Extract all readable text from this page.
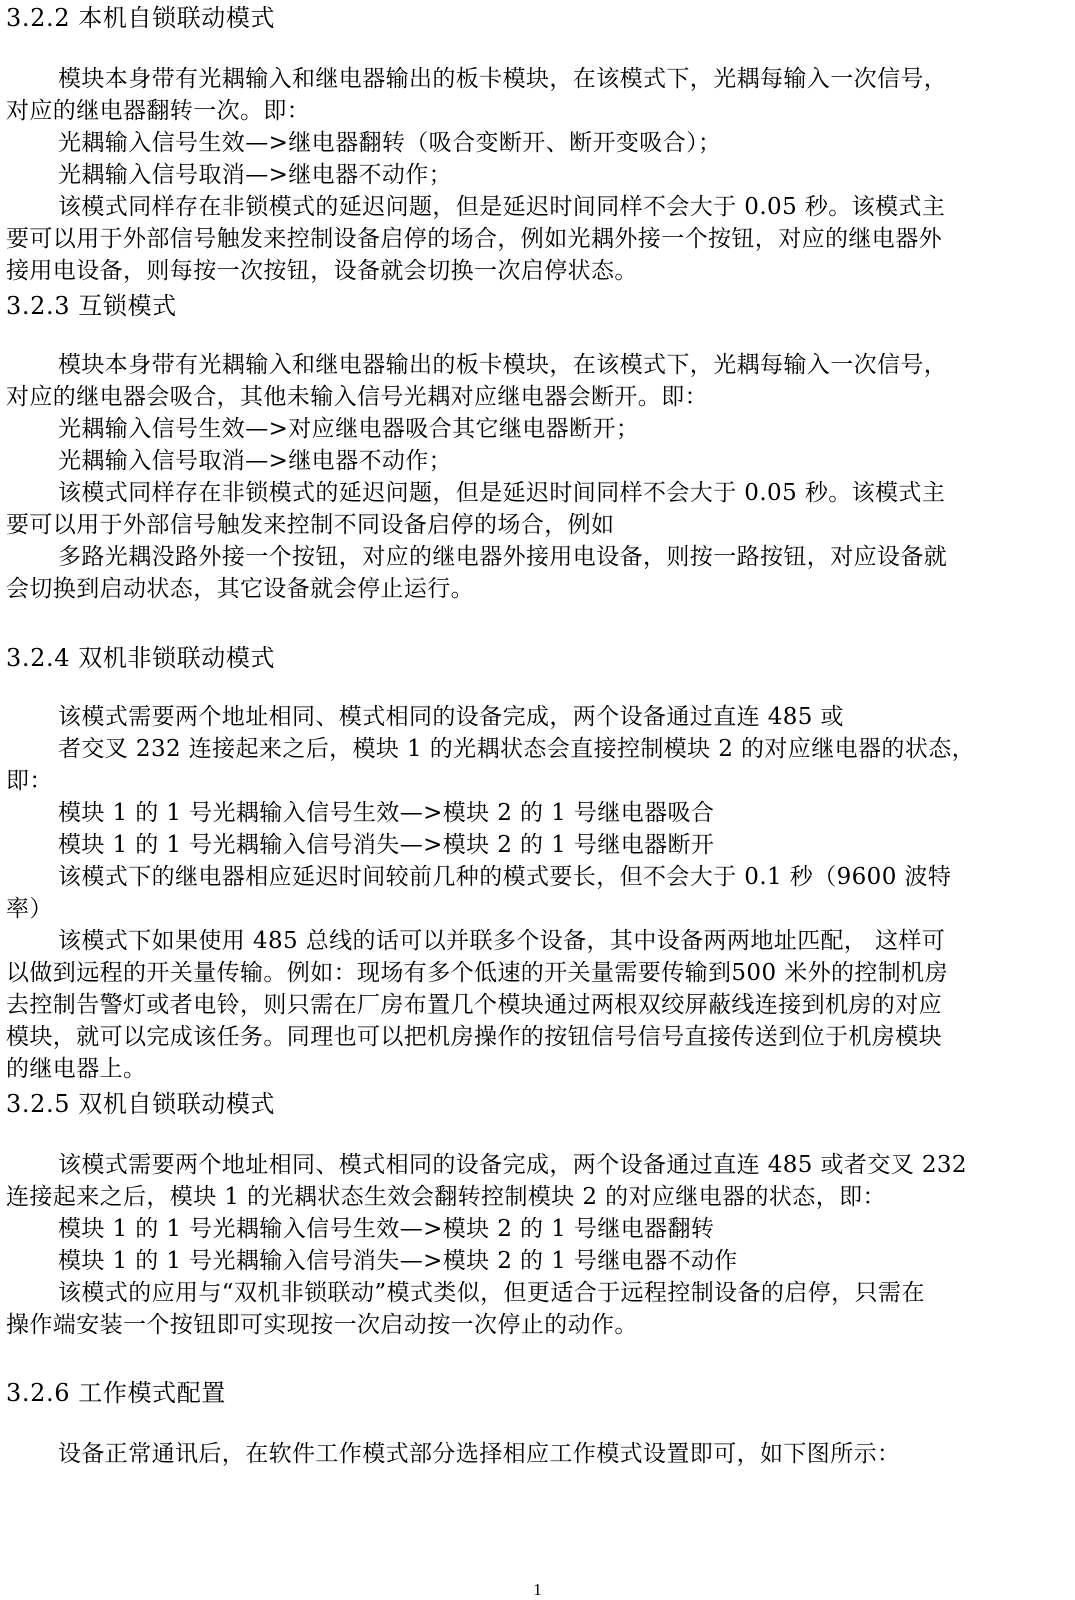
3.2.2 本机自锁联动模式
模块本身带有光耦输入和继电器输出的板卡模块，在该模式下，光耦每输入一次信号，
对应的继电器翻转一次。即：
光耦输入信号生效—>继电器翻转（吸合变断开、断开变吸合）；
光耦输入信号取消—>继电器不动作；
该模式同样存在非锁模式的延迟问题，但是延迟时间同样不会大于 0.05 秒。该模式主
要可以用于外部信号触发来控制设备启停的场合，例如光耦外接一个按钮，对应的继电器外
接用电设备，则每按一次按钮，设备就会切换一次启停状态。
3.2.3 互锁模式
模块本身带有光耦输入和继电器输出的板卡模块，在该模式下，光耦每输入一次信号，
对应的继电器会吸合，其他未输入信号光耦对应继电器会断开。即：
光耦输入信号生效—>对应继电器吸合其它继电器断开；
光耦输入信号取消—>继电器不动作；
该模式同样存在非锁模式的延迟问题，但是延迟时间同样不会大于 0.05 秒。该模式主
要可以用于外部信号触发来控制不同设备启停的场合，例如
多路光耦没路外接一个按钮，对应的继电器外接用电设备，则按一路按钮，对应设备就
会切换到启动状态，其它设备就会停止运行。
3.2.4 双机非锁联动模式
该模式需要两个地址相同、模式相同的设备完成，两个设备通过直连 485 或
者交叉 232 连接起来之后，模块 1 的光耦状态会直接控制模块 2 的对应继电器的状态，
即：
模块 1 的 1 号光耦输入信号生效—>模块 2 的 1 号继电器吸合
模块 1 的 1 号光耦输入信号消失—>模块 2 的 1 号继电器断开
该模式下的继电器相应延迟时间较前几种的模式要长，但不会大于 0.1 秒（9600 波特
率）
该模式下如果使用 485 总线的话可以并联多个设备，其中设备两两地址匹配， 这样可
以做到远程的开关量传输。例如：现场有多个低速的开关量需要传输到500 米外的控制机房
去控制告警灯或者电铃，则只需在厂房布置几个模块通过两根双绞屏蔽线连接到机房的对应
模块，就可以完成该任务。同理也可以把机房操作的按钮信号信号直接传送到位于机房模块
的继电器上。
3.2.5 双机自锁联动模式
该模式需要两个地址相同、模式相同的设备完成，两个设备通过直连 485 或者交叉 232
连接起来之后，模块 1 的光耦状态生效会翻转控制模块 2 的对应继电器的状态，即：
模块 1 的 1 号光耦输入信号生效—>模块 2 的 1 号继电器翻转
模块 1 的 1 号光耦输入信号消失—>模块 2 的 1 号继电器不动作
该模式的应用与“双机非锁联动”模式类似，但更适合于远程控制设备的启停，只需在
操作端安装一个按钮即可实现按一次启动按一次停止的动作。
3.2.6 工作模式配置
设备正常通讯后，在软件工作模式部分选择相应工作模式设置即可，如下图所示：
1
